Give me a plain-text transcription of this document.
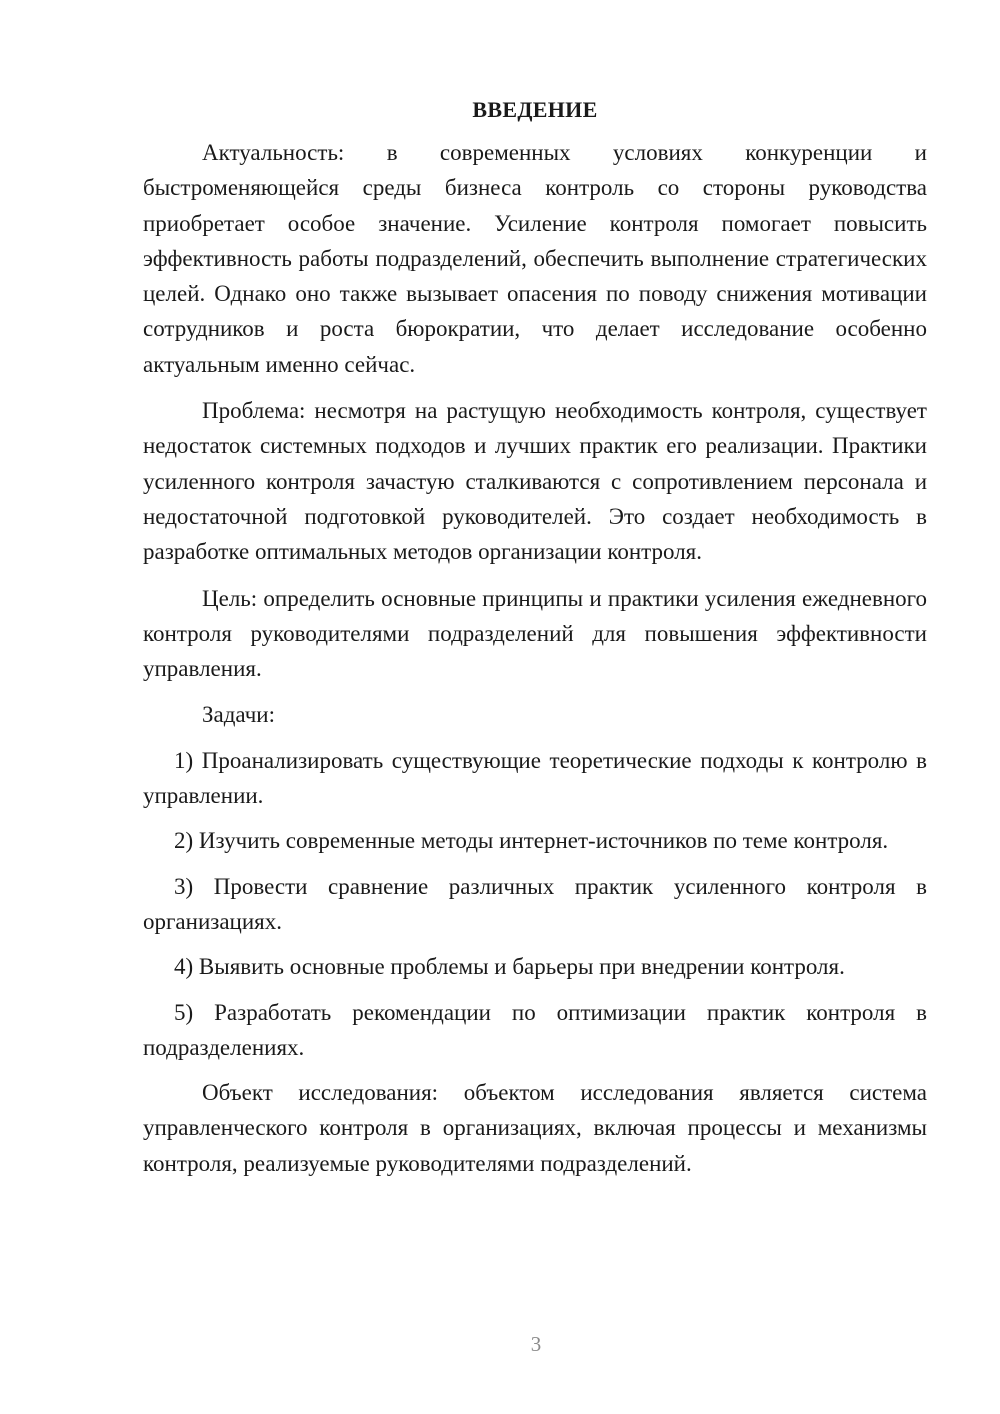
ВВЕДЕНИЕ

Актуальность: в современных условиях конкуренции и быстроменяющейся среды бизнеса контроль со стороны руководства приобретает особое значение. Усиление контроля помогает повысить эффективность работы подразделений, обеспечить выполнение стратегических целей. Однако оно также вызывает опасения по поводу снижения мотивации сотрудников и роста бюрократии, что делает исследование особенно актуальным именно сейчас.

Проблема: несмотря на растущую необходимость контроля, существует недостаток системных подходов и лучших практик его реализации. Практики усиленного контроля зачастую сталкиваются с сопротивлением персонала и недостаточной подготовкой руководителей. Это создает необходимость в разработке оптимальных методов организации контроля.

Цель: определить основные принципы и практики усиления ежедневного контроля руководителями подразделений для повышения эффективности управления.

Задачи:

1) Проанализировать существующие теоретические подходы к контролю в управлении.

2) Изучить современные методы интернет-источников по теме контроля.

3) Провести сравнение различных практик усиленного контроля в организациях.

4) Выявить основные проблемы и барьеры при внедрении контроля.

5) Разработать рекомендации по оптимизации практик контроля в подразделениях.

Объект исследования: объектом исследования является система управленческого контроля в организациях, включая процессы и механизмы контроля, реализуемые руководителями подразделений.

3
